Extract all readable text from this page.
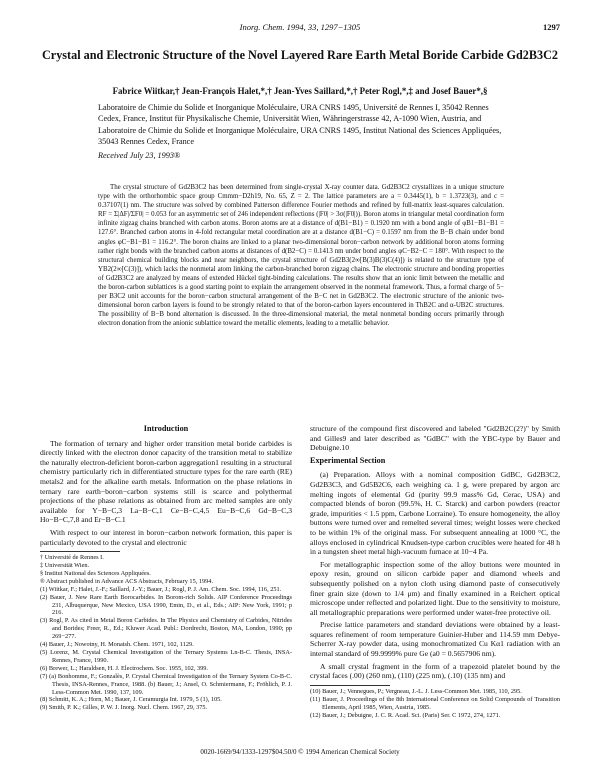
Inorg. Chem. 1994, 33, 1297−1305	1297
Crystal and Electronic Structure of the Novel Layered Rare Earth Metal Boride Carbide Gd2B3C2
Fabrice Wiitkar,† Jean-François Halet,*,† Jean-Yves Saillard,*,† Peter Rogl,*,‡ and Josef Bauer*,§
Laboratoire de Chimie du Solide et Inorganique Moléculaire, URA CNRS 1495, Université de Rennes I, 35042 Rennes Cedex, France, Institut für Physikalische Chemie, Universität Wien, Währingerstrasse 42, A-1090 Wien, Austria, and Laboratoire de Chimie du Solide et Inorganique Moléculaire, URA CNRS 1495, Institut National des Sciences Appliquées, 35043 Rennes Cedex, France
Received July 23, 1993®
The crystal structure of Gd2B3C2 has been determined from single-crystal X-ray counter data. Gd2B3C2 crystallizes in a unique structure type with the orthorhombic space group Cmmm−D2h19, No. 65, Z = 2. The lattice parameters are a = 0.3445(1), b = 1.3723(3), and c = 0.37107(1) nm. The structure was solved by combined Patterson difference Fourier methods and refined by full-matrix least-squares calculation. RF = Σ|ΔF|/ΣF0| = 0.053 for an asymmetric set of 246 independent reflections (|F0| > 3σ(|F0|)). Boron atoms in triangular metal coordination form infinite zigzag chains branched with carbon atoms. Boron atoms are at a distance of d(B1−B1) = 0.1920 nm with a bond angle of φB1−B1−B1 = 127.6°. Branched carbon atoms in 4-fold rectangular metal coordination are at a distance d(B1−C) = 0.1597 nm from the B−B chain under bond angles φC−B1−B1 = 116.2°. The boron chains are linked to a planar two-dimensional boron−carbon network by additional boron atoms forming rather right bonds with the branched carbon atoms at distances of d(B2−C) = 0.1413 nm under bond angles φC−B2−C = 180°. With respect to the structural chemical building blocks and near neighbors, the crystal structure of Gd2B3(2∞[B(3)B(3)C(4)]) is related to the structure type of YB2(2∞[C(3)]), which lacks the nonmetal atom linking the carbon-branched boron zigzag chains. The electronic structure and bonding properties of Gd2B3C2 are analyzed by means of extended Hückel tight-binding calculations. The results show that an ionic limit between the metallic and the boron-carbon sublattices is a good starting point to explain the arrangement observed in the nonmetal framework. Thus, a formal charge of 5− per B3C2 unit accounts for the boron−carbon structural arrangement of the B−C net in Gd2B3C2. The electronic structure of the anionic two-dimensional boron carbon layers is found to be strongly related to that of the boron-carbon layers encountered in ThB2C and α-UB2C structures. The possibility of B−B bond alternation is discussed. In the three-dimensional material, the metal nonmetal bonding occurs primarily through electron donation from the anionic sublattice toward the metallic elements, leading to a metallic behavior.
Introduction

The formation of ternary and higher order transition metal boride carbides is directly linked with the electron donor capacity of the transition metal to stabilize the naturally electron-deficient boron-carbon aggregation1 resulting in a structural chemistry particularly rich in differentiated structure types for the rare earth (RE) metals2 and for the alkaline earth metals. Information on the phase relations in ternary rare earth−boron−carbon systems still is scarce and polythermal projections of the phase relations as obtained from arc melted samples are only available for Y−B−C,3 La−B−C,1 Ce−B−C,4,5 Eu−B−C,6 Gd−B−C,3 Ho−B−C,7,8 and Er−B−C.1

With respect to our interest in boron−carbon network formation, this paper is particularly devoted to the crystal and electronic

† Université de Rennes I.
‡ Universität Wien.
§ Institut National des Sciences Appliquées.
® Abstract published in Advance ACS Abstracts, February 15, 1994.
(1) Wiitkar, F.; Halet, J.-F.; Saillard, J.-Y.; Bauer, J.; Rogl, P. J. Am. Chem. Soc. 1994, 116, 251.
(2) Bauer, J. New Rare Earth Borocarbides. In Borom-rich Solids. AIP Conference Proceedings 231, Albuquerque, New Mexico, USA 1990, Emin, D., et al., Eds.; AIP: New York, 1991; p 216.
(3) Rogl, P. As cited in Metal Boron Carbides. In The Physics and Chemistry of Carbides, Nitrides and Borides; Freer, R., Ed.; Kluwer Acad. Publ.: Dordrecht, Boston, MA, London, 1990; pp 269−277.
(4) Bauer, J.; Nowotny, H. Monatsh. Chem. 1971, 102, 1129.
(5) Lorenz, M. Crystal Chemical Investigation of the Ternary Systems Ln-B-C. Thesis, INSA-Rennes, France, 1990.
(6) Brewer, L.; Haraldsen, H. J. Electrochem. Soc. 1955, 102, 399.
(7) (a) Bonhomme, F.; Gonzalès, P. Crystal Chemical Investigation of the Ternary System Co-B-C. Thesis, INSA-Rennes, France, 1988. (b) Bauer, J.; Ansel, O. Schmiermann, F.; Fröhlich, P. J. Less-Common Met. 1990, 137, 109.
(8) Schmitt, K. A.; Horn, M.; Bauer, J. Ceramurgia Int. 1979, 5 (1), 105.
(9) Smith, P. K.; Gilles, P. W. J. Inorg. Nucl. Chem. 1967, 29, 375.

structure of the compound first discovered and labeled "Gd2B2C(2?)" by Smith and Gilles9 and later described as "GdBC" with the YBC-type by Bauer and Debuigne.10

Experimental Section

(a) Preparation. Alloys with a nominal composition GdBC, Gd2B3C2, Gd2B3C3, and Gd5B2C6, each weighing ca. 1 g, were prepared by argon arc melting ingots of elemental Gd (purity 99.9 mass% Gd, Cerac, USA) and compacted blends of boron (99.5%, H. C. Starck) and carbon powders (reactor grade, impurities < 1.5 ppm, Carbone Lorraine). To ensure homogeneity, the alloy buttons were turned over and remelted several times; weight losses were checked to be within 1% of the original mass. For subsequent annealing at 1000 °C, the alloys enclosed in cylindrical Knudsen-type carbon crucibles were heated for 48 h in a tungsten sheet metal high-vacuum furnace at 10−4 Pa.

For metallographic inspection some of the alloy buttons were mounted in epoxy resin, ground on silicon carbide paper and diamond wheels and subsequently polished on a nylon cloth using diamond paste of consecutively finer grain size (down to 1/4 μm) and finally examined in a Reichert optical microscope under reflected and polarized light. Due to the sensitivity to moisture, all metallographic preparations were performed under water-free protective oil.

Precise lattice parameters and standard deviations were obtained by a least-squares refinement of room temperature Guinier-Huber and 114.59 mm Debye-Scherrer X-ray powder data, using monochromatized Cu Kα1 radiation with an internal standard of 99.9999% pure Ge (a0 = 0.5657906 nm).

A small crystal fragment in the form of a trapezoid platelet bound by the crystal faces (.00) (260 nm), (110) (225 nm), (.10) (135 nm) and

(10) Bauer, J.; Vennegues, P.; Vergneau, J.-L. J. Less-Common Met. 1985, 110, 295.
(11) Bauer, J. Proceedings of the 8th International Conference on Solid Compounds of Transition Elements, April 1985, Wien, Austria, 1985.
(12) Bauer, J.; Debuigne, J. C. R. Acad. Sci. (Paris) Ser. C 1972, 274, 1271.
0020-1669/94/1333-1297$04.50/0 © 1994 American Chemical Society
